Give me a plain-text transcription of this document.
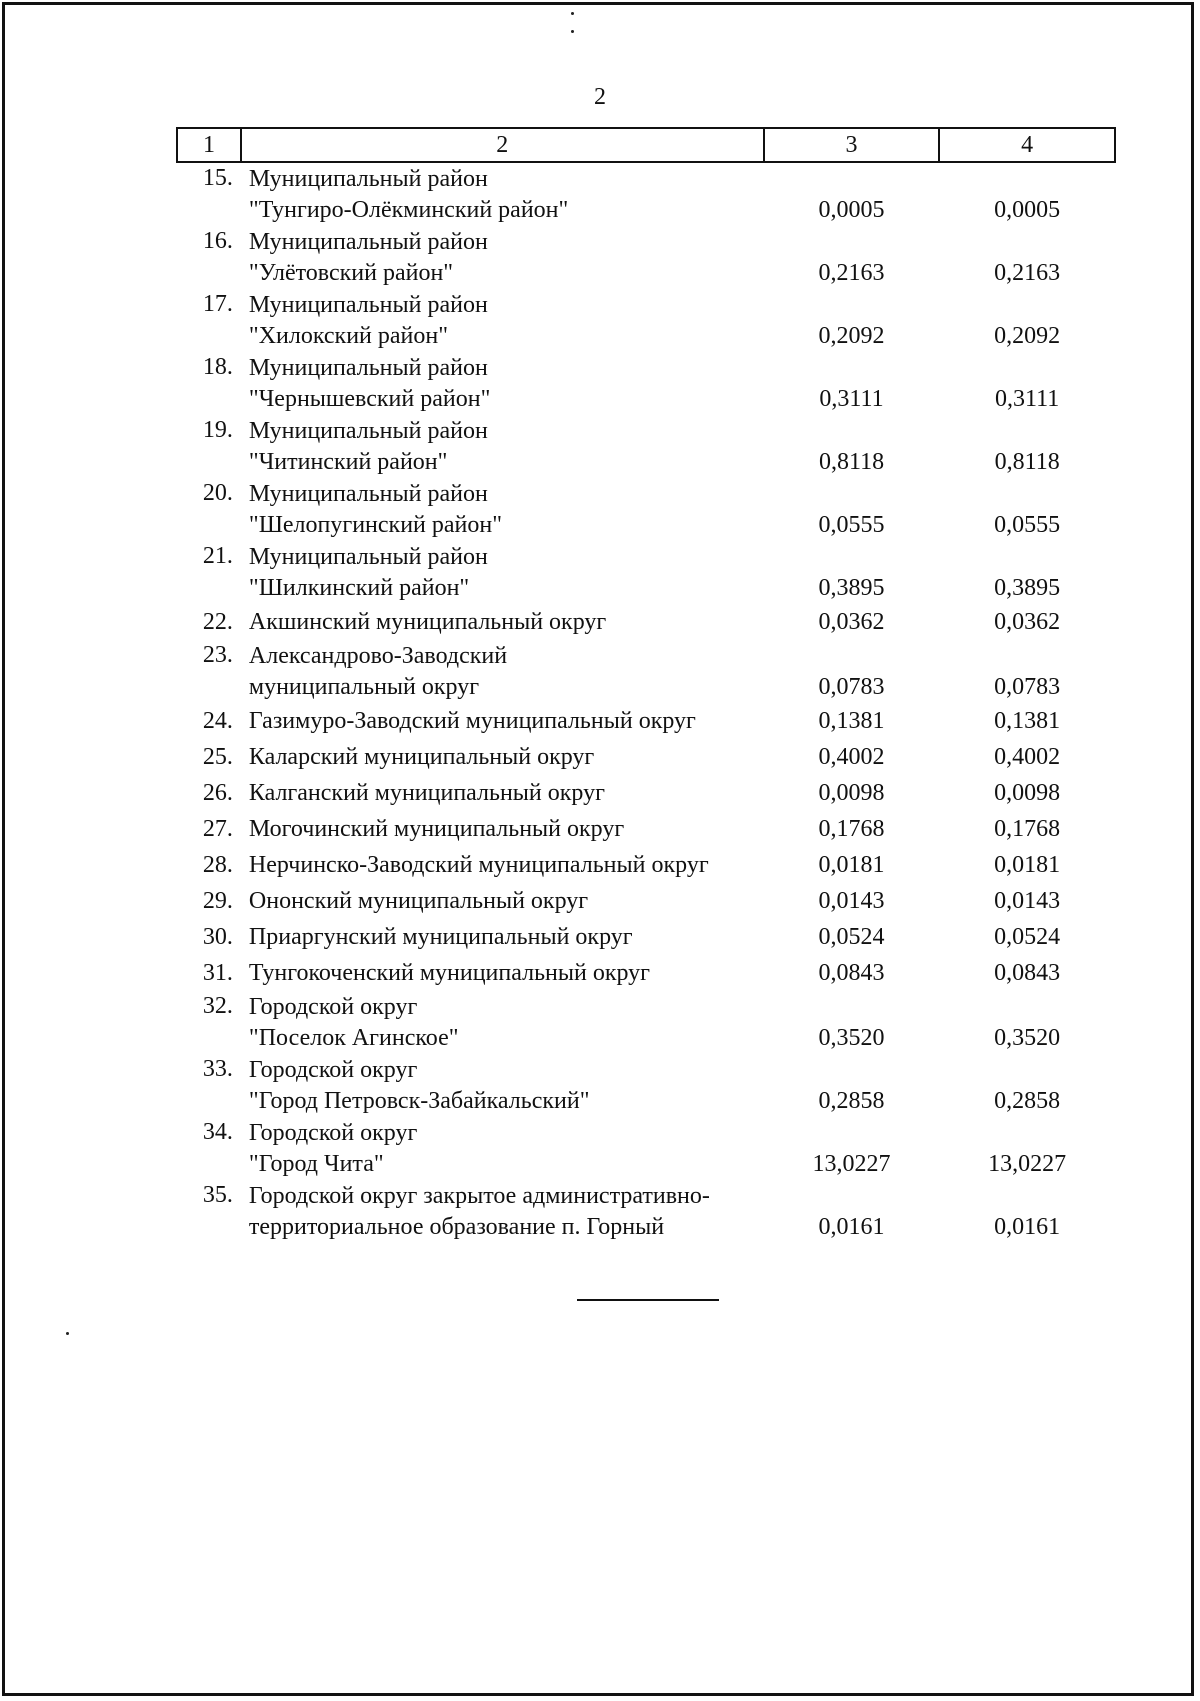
2
1	2	3	4
15.	Муниципальный район
"Тунгиро-Олёкминский район"	0,0005	0,0005
16.	Муниципальный район
"Улётовский район"	0,2163	0,2163
17.	Муниципальный район
"Хилокский район"	0,2092	0,2092
18.	Муниципальный район
"Чернышевский район"	0,3111	0,3111
19.	Муниципальный район
"Читинский район"	0,8118	0,8118
20.	Муниципальный район
"Шелопугинский район"	0,0555	0,0555
21.	Муниципальный район
"Шилкинский район"	0,3895	0,3895
22.	Акшинский муниципальный округ	0,0362	0,0362
23.	Александрово-Заводский
муниципальный округ	0,0783	0,0783
24.	Газимуро-Заводский муниципальный округ	0,1381	0,1381
25.	Каларский муниципальный округ	0,4002	0,4002
26.	Калганский муниципальный округ	0,0098	0,0098
27.	Могочинский муниципальный округ	0,1768	0,1768
28.	Нерчинско-Заводский муниципальный округ	0,0181	0,0181
29.	Ононский муниципальный округ	0,0143	0,0143
30.	Приаргунский муниципальный округ	0,0524	0,0524
31.	Тунгокоченский муниципальный округ	0,0843	0,0843
32.	Городской округ
"Поселок Агинское"	0,3520	0,3520
33.	Городской округ
"Город Петровск-Забайкальский"	0,2858	0,2858
34.	Городской округ
"Город Чита"	13,0227	13,0227
35.	Городской округ закрытое административно-
территориальное образование п. Горный	0,0161	0,0161
